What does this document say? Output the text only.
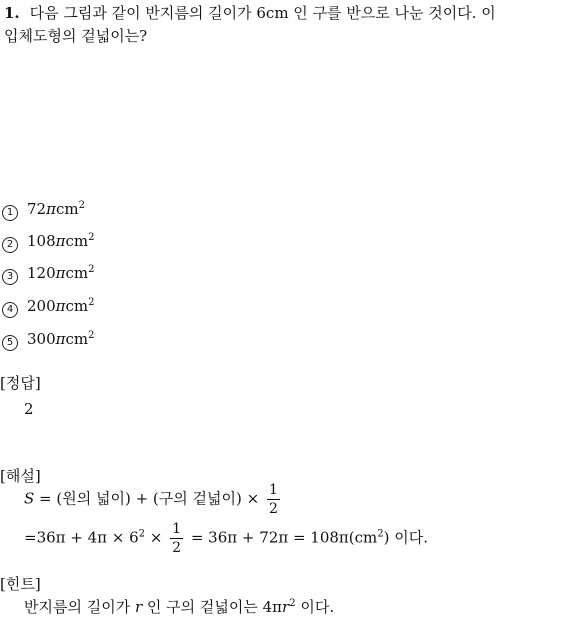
1. 다음 그림과 같이 반지름의 길이가 6cm 인 구를 반으로 나눈 것이다. 이
입체도형의 겉넓이는?
1 72πcm$^2$
2 108πcm$^2$
3 120πcm$^2$
4 200πcm$^2$
5 300πcm$^2$
[정답]
2
[해설]
S = (원의 넓이) + (구의 겉넓이) × $\frac{1}{2}$
$=36\pi + 4\pi \times 6^2 \times \frac{1}{2} = 36\pi + 72\pi = 108\pi(cm^2)$ 이다.
[힌트]
반지름의 길이가 r 인 구의 겉넓이는 $4\pi r^2$ 이다.
